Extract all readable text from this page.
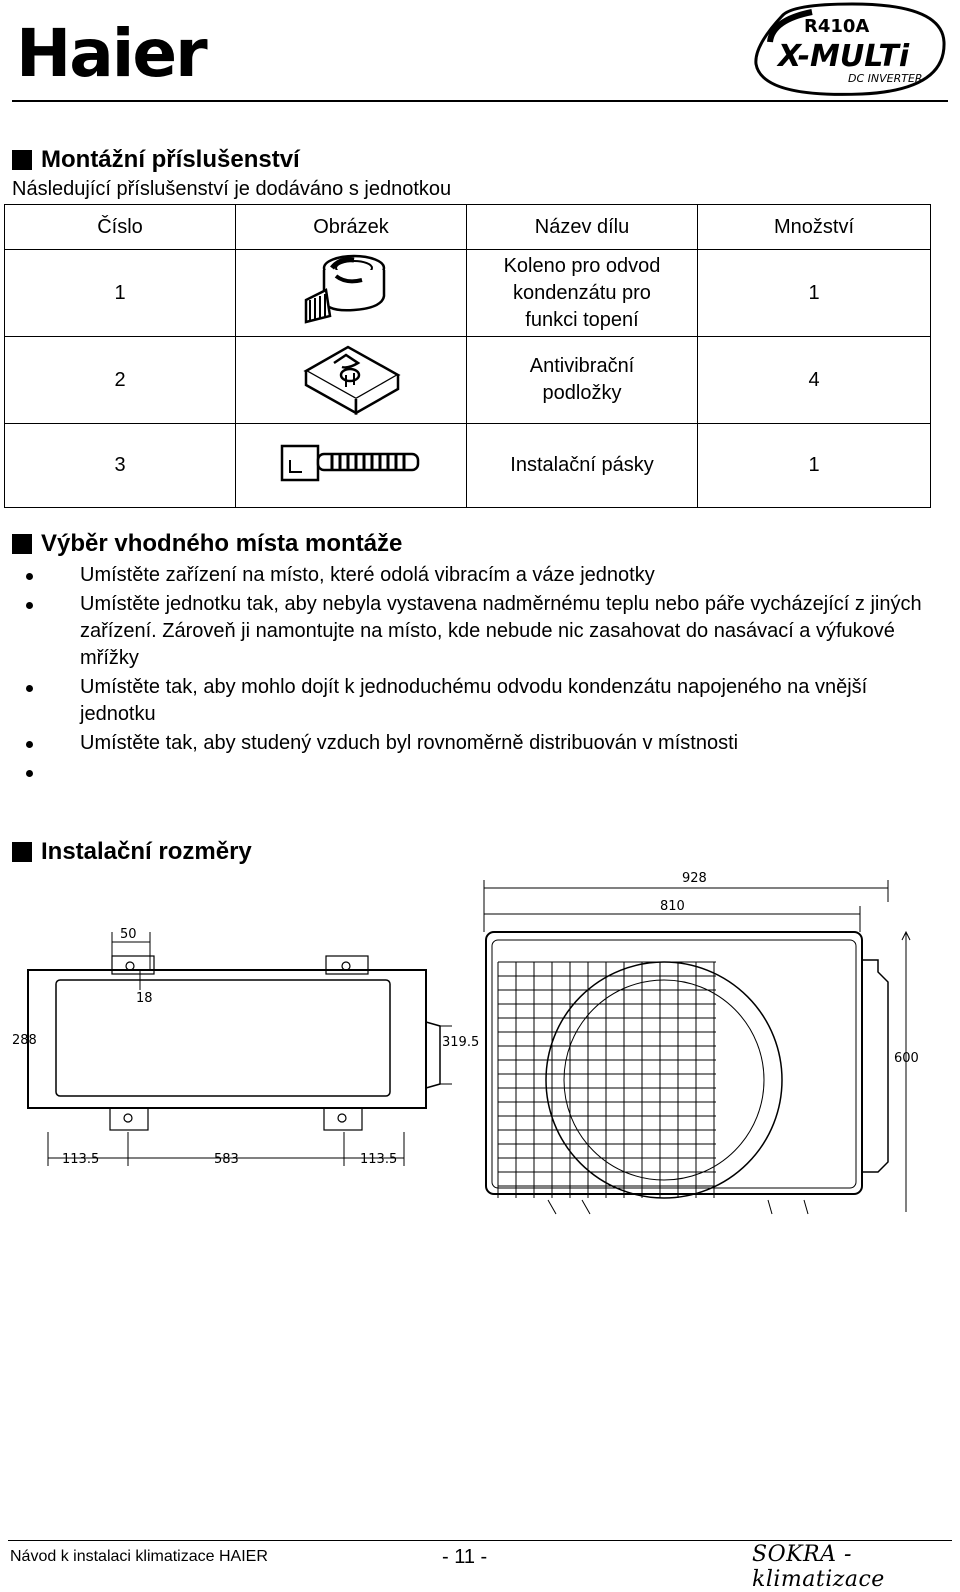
Haier	R410A
X-MULTi
DC INVERTER
Montážní příslušenství
Následující příslušenství je dodáváno s jednotkou
Číslo	Obrázek	Název dílu	Množství
1		Koleno pro odvod
kondenzátu pro
funkci topení	1
2		Antivibrační
podložky	4
3		Instalační pásky	1
Výběr vhodného místa montáže
Umístěte zařízení na místo, které odolá vibracím a váze jednotky
Umístěte jednotku tak, aby nebyla vystavena nadměrnému teplu nebo páře vycházející z jiných zařízení. Zároveň ji namontujte na místo, kde nebude nic zasahovat do nasávací a výfukové mřížky
Umístěte tak, aby mohlo dojít k jednoduchému odvodu kondenzátu napojeného na vnější jednotku
Umístěte tak, aby studený vzduch byl rovnoměrně distribuován v místnosti
Instalační rozměry
50
18
288	319.5
113.5	583	113.5
928
810
600
Návod k instalaci klimatizace HAIER	- 11 -	SOKRA - klimatizace
